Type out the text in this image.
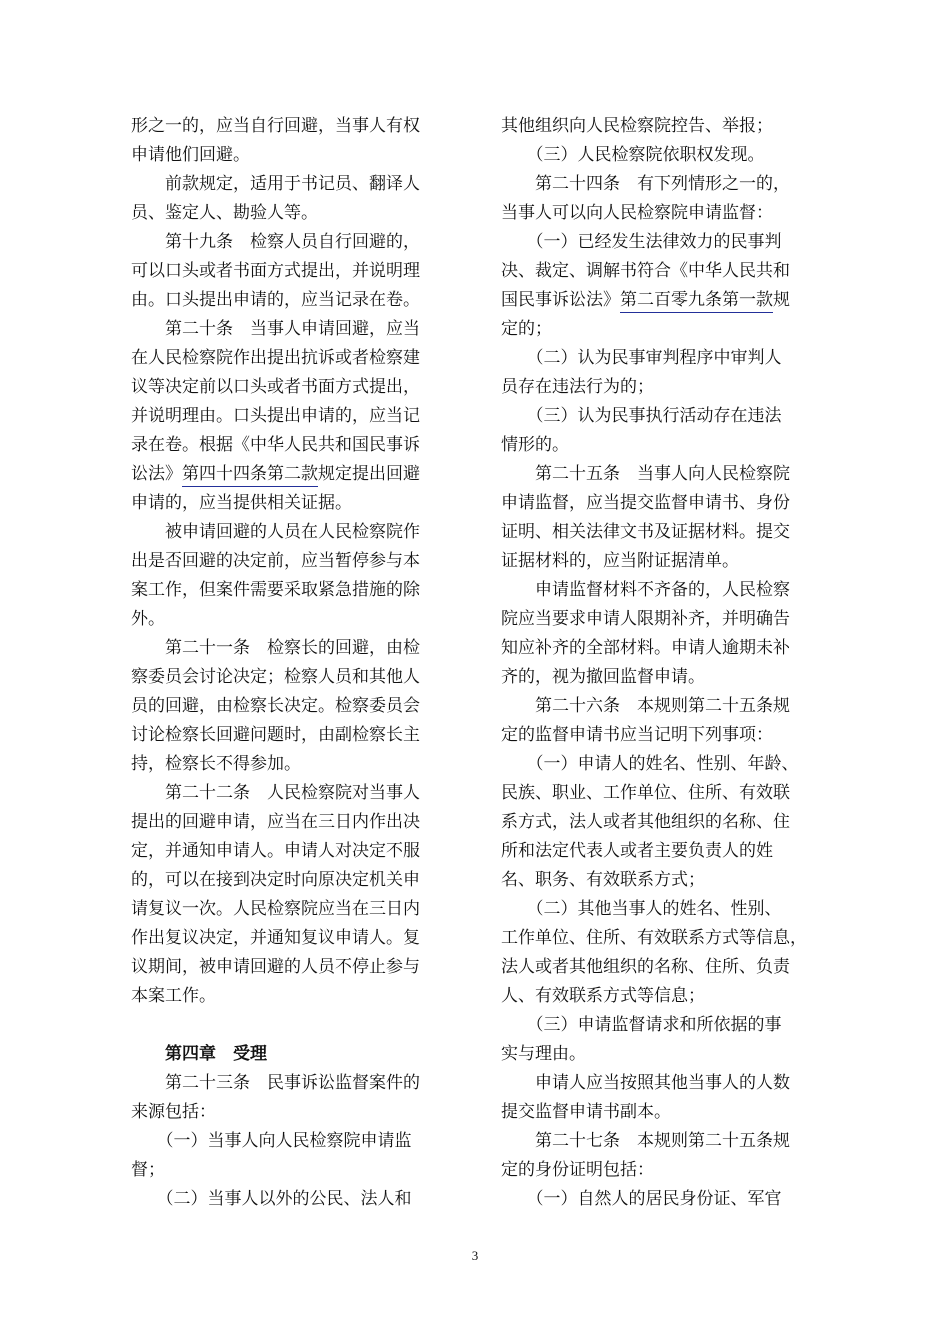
形之一的，应当自行回避，当事人有权
申请他们回避。
　　前款规定，适用于书记员、翻译人
员、鉴定人、勘验人等。
　　第十九条　检察人员自行回避的，
可以口头或者书面方式提出，并说明理
由。口头提出申请的，应当记录在卷。
　　第二十条　当事人申请回避，应当
在人民检察院作出提出抗诉或者检察建
议等决定前以口头或者书面方式提出，
并说明理由。口头提出申请的，应当记
录在卷。根据《中华人民共和国民事诉
讼法》第四十四条第二款规定提出回避
申请的，应当提供相关证据。
　　被申请回避的人员在人民检察院作
出是否回避的决定前，应当暂停参与本
案工作，但案件需要采取紧急措施的除
外。
　　第二十一条　检察长的回避，由检
察委员会讨论决定；检察人员和其他人
员的回避，由检察长决定。检察委员会
讨论检察长回避问题时，由副检察长主
持，检察长不得参加。
　　第二十二条　人民检察院对当事人
提出的回避申请，应当在三日内作出决
定，并通知申请人。申请人对决定不服
的，可以在接到决定时向原决定机关申
请复议一次。人民检察院应当在三日内
作出复议决定，并通知复议申请人。复
议期间，被申请回避的人员不停止参与
本案工作。
　　第四章　受理
　　第二十三条　民事诉讼监督案件的
来源包括：
　　（一）当事人向人民检察院申请监
督；
　　（二）当事人以外的公民、法人和
其他组织向人民检察院控告、举报；
　　（三）人民检察院依职权发现。
　　第二十四条　有下列情形之一的，
当事人可以向人民检察院申请监督：
　　（一）已经发生法律效力的民事判
决、裁定、调解书符合《中华人民共和
国民事诉讼法》第二百零九条第一款规
定的；
　　（二）认为民事审判程序中审判人
员存在违法行为的；
　　（三）认为民事执行活动存在违法
情形的。
　　第二十五条　当事人向人民检察院
申请监督，应当提交监督申请书、身份
证明、相关法律文书及证据材料。提交
证据材料的，应当附证据清单。
　　申请监督材料不齐备的，人民检察
院应当要求申请人限期补齐，并明确告
知应补齐的全部材料。申请人逾期未补
齐的，视为撤回监督申请。
　　第二十六条　本规则第二十五条规
定的监督申请书应当记明下列事项：
　　（一）申请人的姓名、性别、年龄、
民族、职业、工作单位、住所、有效联
系方式，法人或者其他组织的名称、住
所和法定代表人或者主要负责人的姓
名、职务、有效联系方式；
　　（二）其他当事人的姓名、性别、
工作单位、住所、有效联系方式等信息，
法人或者其他组织的名称、住所、负责
人、有效联系方式等信息；
　　（三）申请监督请求和所依据的事
实与理由。
　　申请人应当按照其他当事人的人数
提交监督申请书副本。
　　第二十七条　本规则第二十五条规
定的身份证明包括：
　　（一）自然人的居民身份证、军官
3
